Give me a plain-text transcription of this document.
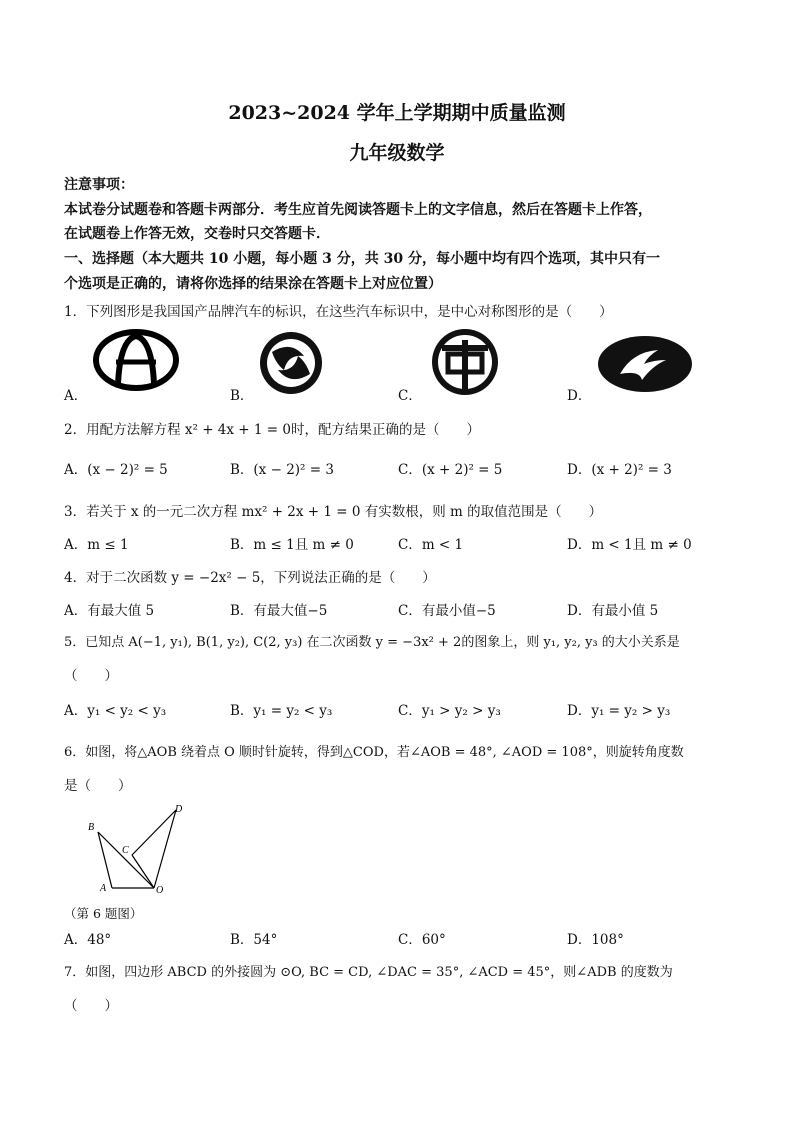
2023~2024 学年上学期期中质量监测
九年级数学
注意事项：
本试卷分试题卷和答题卡两部分．考生应首先阅读答题卡上的文字信息，然后在答题卡上作答，
在试题卷上作答无效，交卷时只交答题卡．
一、选择题（本大题共 10 小题，每小题 3 分，共 30 分，每小题中均有四个选项，其中只有一
个选项是正确的，请将你选择的结果涂在答题卡上对应位置）
1．下列图形是我国国产品牌汽车的标识，在这些汽车标识中，是中心对称图形的是（　　）
A．	B．	C．	D．
2．用配方法解方程 x² + 4x + 1 = 0时，配方结果正确的是（　　）
A．(x − 2)² = 5	B．(x − 2)² = 3	C．(x + 2)² = 5	D．(x + 2)² = 3
3．若关于 x 的一元二次方程 mx² + 2x + 1 = 0 有实数根，则 m 的取值范围是（　　）
A．m ≤ 1	B．m ≤ 1且 m ≠ 0	C．m < 1	D．m < 1且 m ≠ 0
4．对于二次函数 y = −2x² − 5，下列说法正确的是（　　）
A．有最大值 5	B．有最大值−5	C．有最小值−5	D．有最小值 5
5．已知点 A(−1, y₁), B(1, y₂), C(2, y₃) 在二次函数 y = −3x² + 2的图象上，则 y₁, y₂, y₃ 的大小关系是
（　　）
A．y₁ < y₂ < y₃	B．y₁ = y₂ < y₃	C．y₁ > y₂ > y₃	D．y₁ = y₂ > y₃
6．如图，将△AOB 绕着点 O 顺时针旋转，得到△COD，若∠AOB = 48°, ∠AOD = 108°，则旋转角度数
是（　　）
B
C
D
A	O
（第 6 题图）
A．48°	B．54°	C．60°	D．108°
7．如图，四边形 ABCD 的外接圆为 ⊙O, BC = CD, ∠DAC = 35°, ∠ACD = 45°，则∠ADB 的度数为
（　　）
